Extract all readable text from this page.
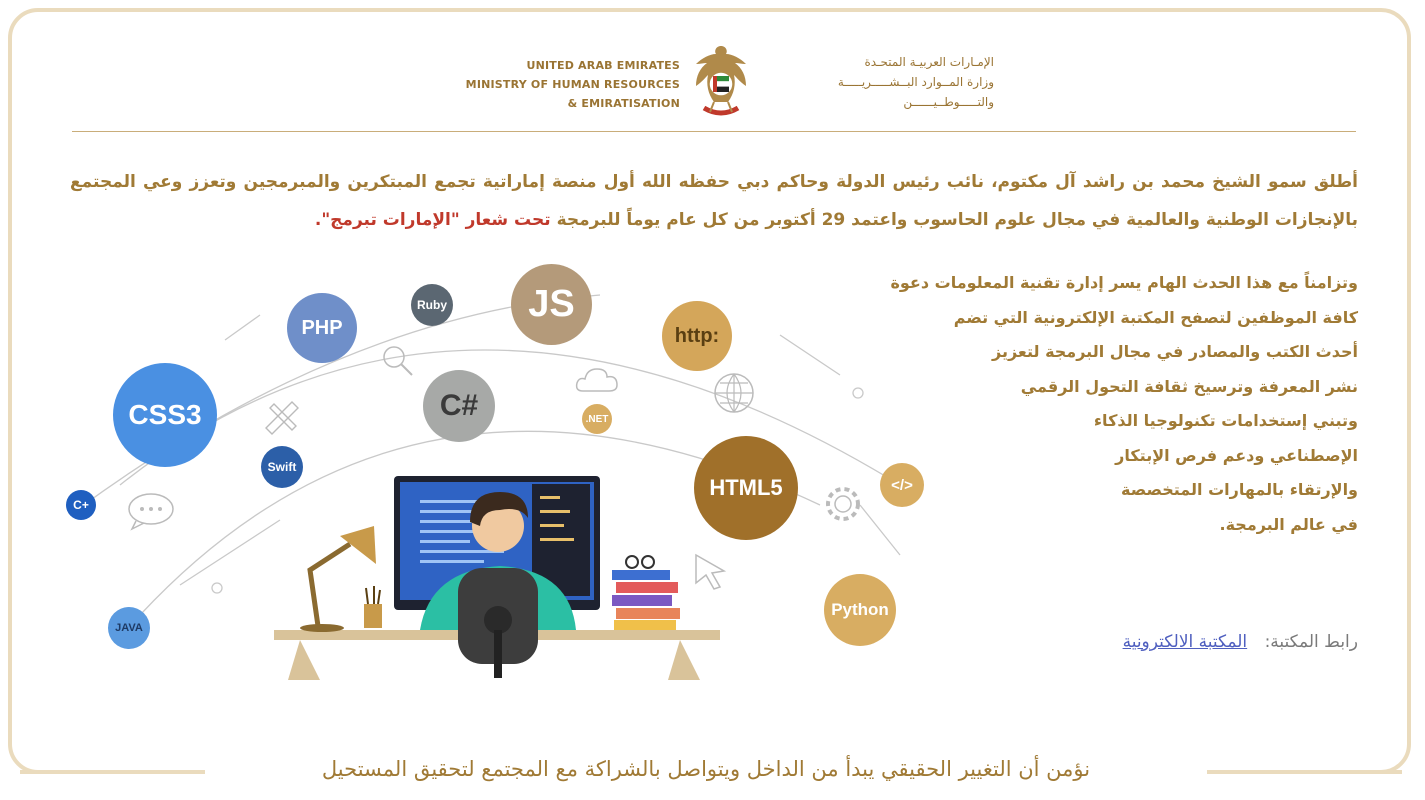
UNITED ARAB EMIRATES
MINISTRY OF HUMAN RESOURCES
& EMIRATISATION
الإمـارات العربيـة المتحـدة
وزارة المــوارد البــشـــــريـــــة
والتـــــوطــيــــــن
أطلق سمو الشيخ محمد بن راشد آل مكتوم، نائب رئيس الدولة وحاكم دبي حفظه الله أول منصة إماراتية تجمع المبتكرين والمبرمجين وتعزز وعي المجتمع بالإنجازات الوطنية والعالمية في مجال علوم الحاسوب واعتمد 29 أكتوبر من كل عام يوماً للبرمجة تحت شعار "الإمارات تبرمج".
وتزامناً مع هذا الحدث الهام يسر إدارة تقنية المعلومات دعوة
كافة الموظفين لتصفح المكتبة الإلكترونية التي تضم
أحدث الكتب والمصادر في مجال البرمجة لتعزيز
نشر المعرفة وترسيخ ثقافة التحول الرقمي
وتبني إستخدامات تكنولوجيا الذكاء
الإصطناعي ودعم فرص الإبتكار
والإرتقاء بالمهارات المتخصصة
في عالم البرمجة.
رابط المكتبة: المكتبة الالكترونية
JS
PHP
Ruby
http:
CSS3	C#	.NET
Swift
HTML5	</>
C+
Python
JAVA
نؤمن أن التغيير الحقيقي يبدأ من الداخل ويتواصل بالشراكة مع المجتمع لتحقيق المستحيل
